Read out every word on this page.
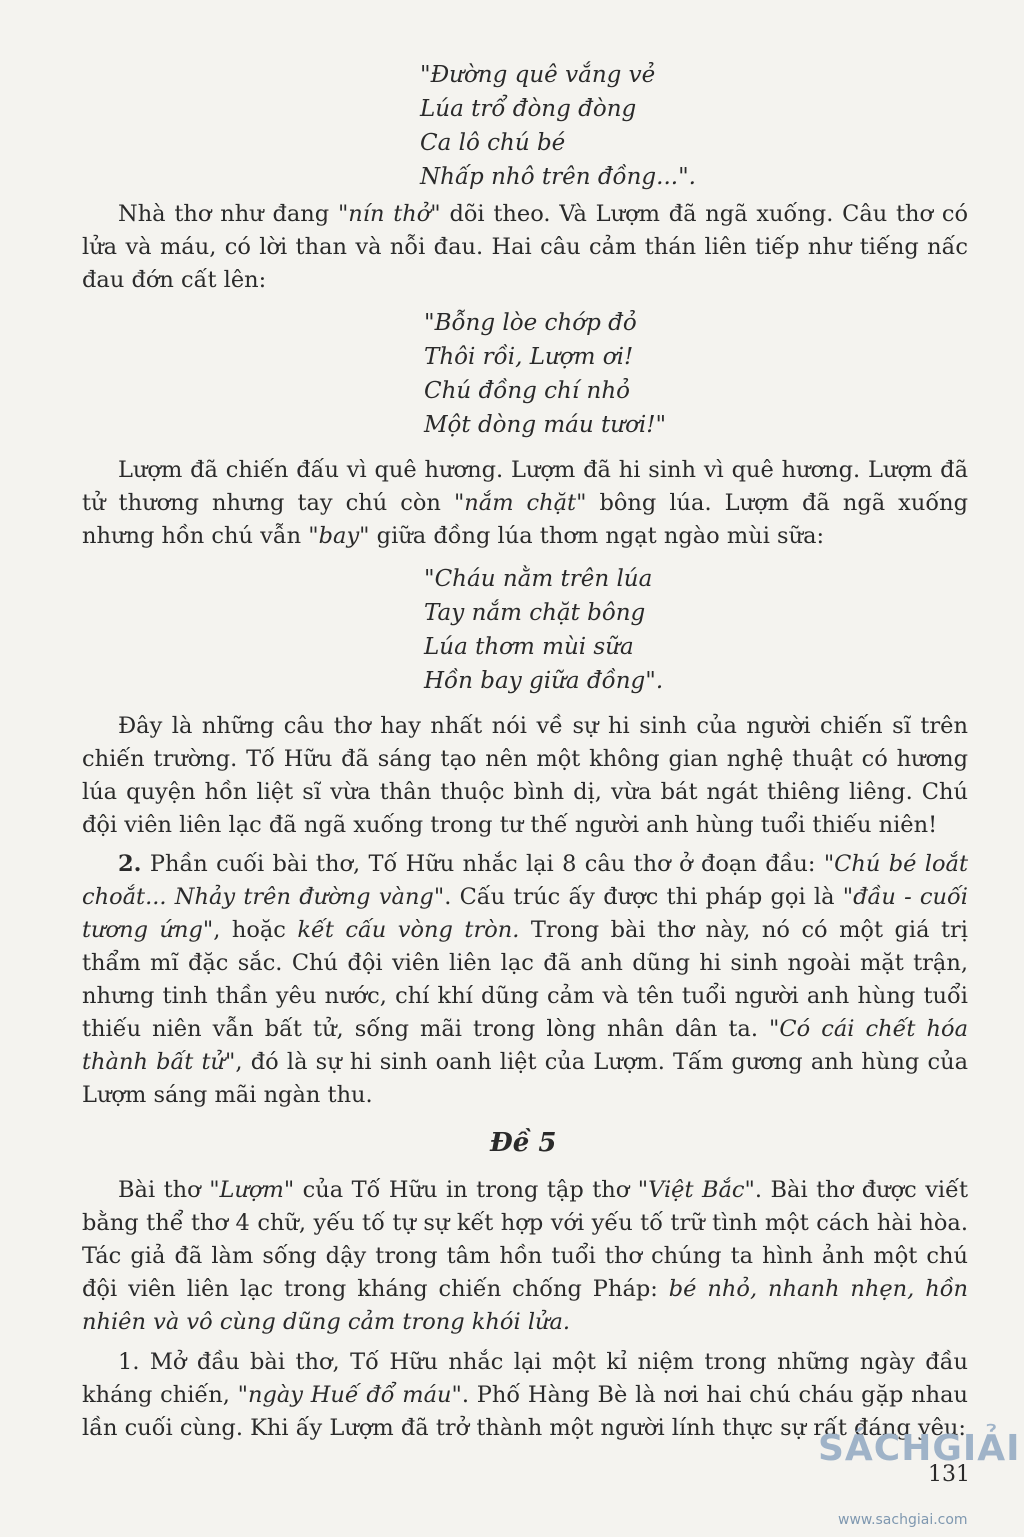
"Đường quê vắng vẻ
Lúa trổ đòng đòng
Ca lô chú bé
Nhấp nhô trên đồng...".
Nhà thơ như đang "nín thở" dõi theo. Và Lượm đã ngã xuống. Câu thơ có lửa và máu, có lời than và nỗi đau. Hai câu cảm thán liên tiếp như tiếng nấc đau đớn cất lên:
"Bỗng lòe chớp đỏ
Thôi rồi, Lượm ơi!
Chú đồng chí nhỏ
Một dòng máu tươi!"
Lượm đã chiến đấu vì quê hương. Lượm đã hi sinh vì quê hương. Lượm đã tử thương nhưng tay chú còn "nắm chặt" bông lúa. Lượm đã ngã xuống nhưng hồn chú vẫn "bay" giữa đồng lúa thơm ngạt ngào mùi sữa:
"Cháu nằm trên lúa
Tay nắm chặt bông
Lúa thơm mùi sữa
Hồn bay giữa đồng".
Đây là những câu thơ hay nhất nói về sự hi sinh của người chiến sĩ trên chiến trường. Tố Hữu đã sáng tạo nên một không gian nghệ thuật có hương lúa quyện hồn liệt sĩ vừa thân thuộc bình dị, vừa bát ngát thiêng liêng. Chú đội viên liên lạc đã ngã xuống trong tư thế người anh hùng tuổi thiếu niên!
2. Phần cuối bài thơ, Tố Hữu nhắc lại 8 câu thơ ở đoạn đầu: "Chú bé loắt choắt... Nhảy trên đường vàng". Cấu trúc ấy được thi pháp gọi là "đầu - cuối tương ứng", hoặc kết cấu vòng tròn. Trong bài thơ này, nó có một giá trị thẩm mĩ đặc sắc. Chú đội viên liên lạc đã anh dũng hi sinh ngoài mặt trận, nhưng tinh thần yêu nước, chí khí dũng cảm và tên tuổi người anh hùng tuổi thiếu niên vẫn bất tử, sống mãi trong lòng nhân dân ta. "Có cái chết hóa thành bất tử", đó là sự hi sinh oanh liệt của Lượm. Tấm gương anh hùng của Lượm sáng mãi ngàn thu.
Đề 5
Bài thơ "Lượm" của Tố Hữu in trong tập thơ "Việt Bắc". Bài thơ được viết bằng thể thơ 4 chữ, yếu tố tự sự kết hợp với yếu tố trữ tình một cách hài hòa. Tác giả đã làm sống dậy trong tâm hồn tuổi thơ chúng ta hình ảnh một chú đội viên liên lạc trong kháng chiến chống Pháp: bé nhỏ, nhanh nhẹn, hồn nhiên và vô cùng dũng cảm trong khói lửa.
1. Mở đầu bài thơ, Tố Hữu nhắc lại một kỉ niệm trong những ngày đầu kháng chiến, "ngày Huế đổ máu". Phố Hàng Bè là nơi hai chú cháu gặp nhau lần cuối cùng. Khi ấy Lượm đã trở thành một người lính thực sự rất đáng yêu:
SÁCHGIẢI
131
www.sachgiai.com
